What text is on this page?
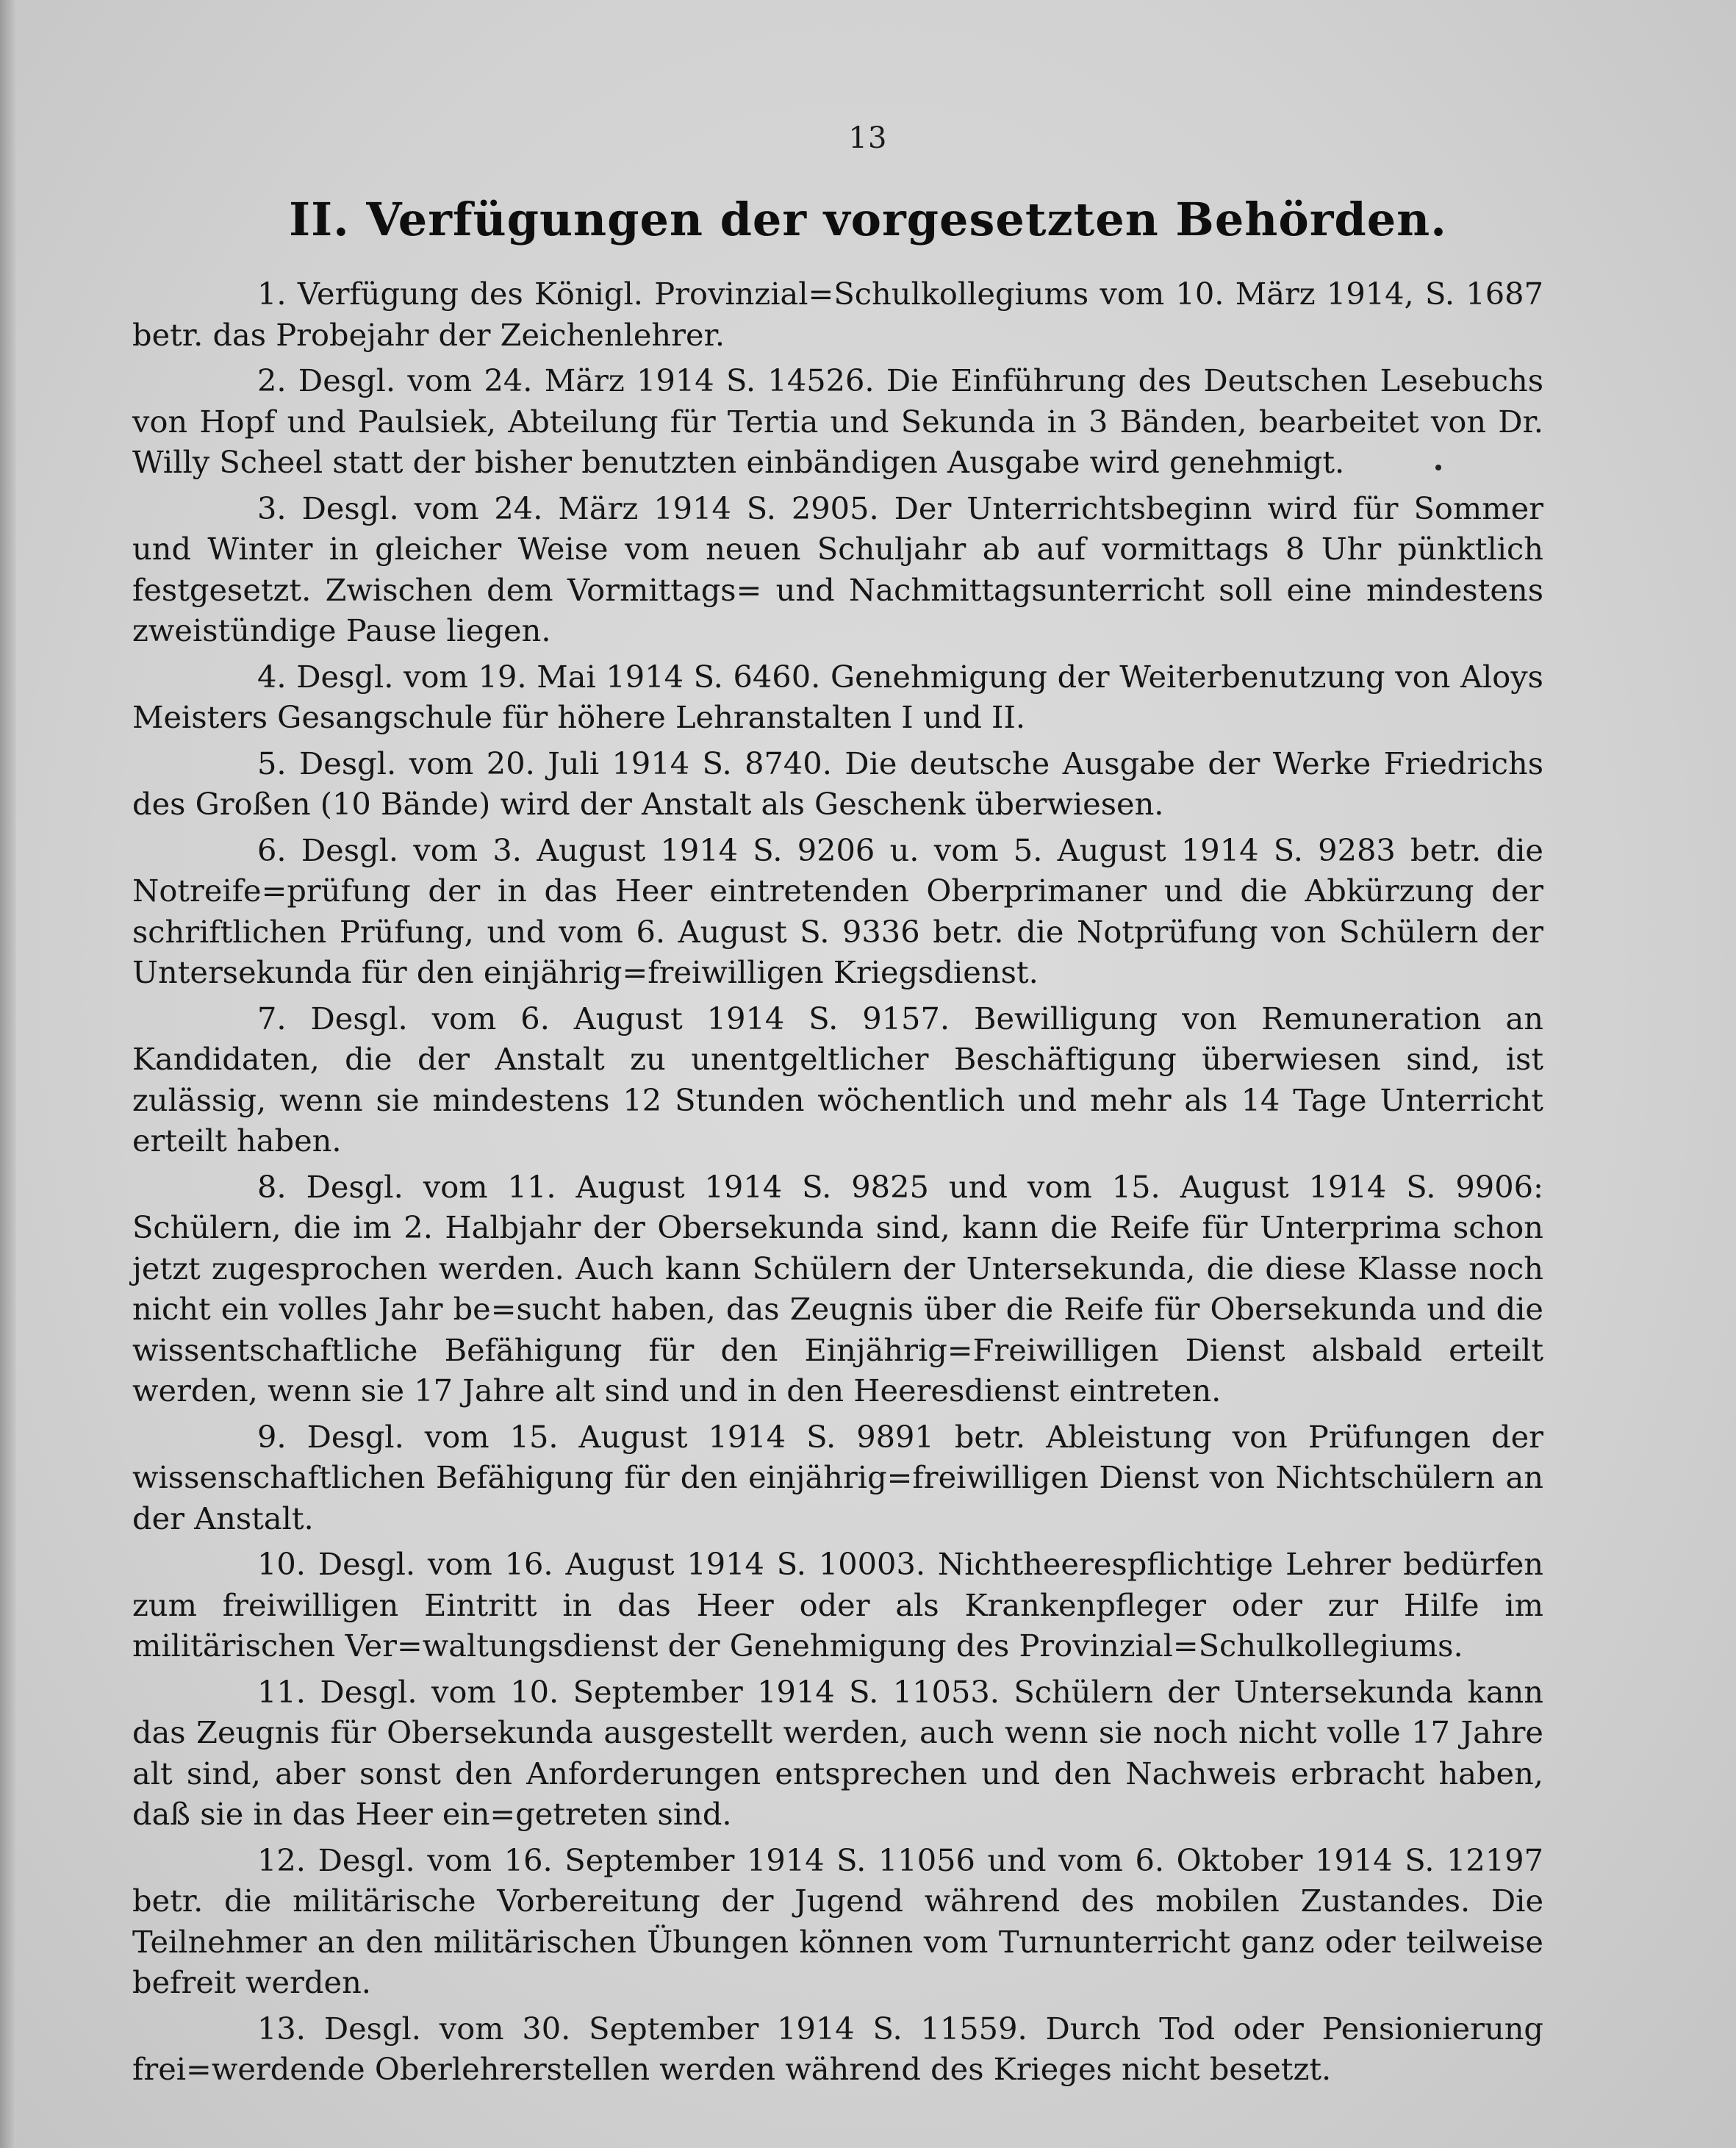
13
II. Verfügungen der vorgesetzten Behörden.

1. Verfügung des Königl. Provinzial=Schulkollegiums vom 10. März 1914, S. 1687 betr. das Probejahr der Zeichenlehrer.

2. Desgl. vom 24. März 1914 S. 14526. Die Einführung des Deutschen Lesebuchs von Hopf und Paulsiek, Abteilung für Tertia und Sekunda in 3 Bänden, bearbeitet von Dr. Willy Scheel statt der bisher benutzten einbändigen Ausgabe wird genehmigt.

3. Desgl. vom 24. März 1914 S. 2905. Der Unterrichtsbeginn wird für Sommer und Winter in gleicher Weise vom neuen Schuljahr ab auf vormittags 8 Uhr pünktlich festgesetzt. Zwischen dem Vormittags= und Nachmittagsunterricht soll eine mindestens zweistündige Pause liegen.

4. Desgl. vom 19. Mai 1914 S. 6460. Genehmigung der Weiterbenutzung von Aloys Meisters Gesangschule für höhere Lehranstalten I und II.

5. Desgl. vom 20. Juli 1914 S. 8740. Die deutsche Ausgabe der Werke Friedrichs des Großen (10 Bände) wird der Anstalt als Geschenk überwiesen.

6. Desgl. vom 3. August 1914 S. 9206 u. vom 5. August 1914 S. 9283 betr. die Notreife=prüfung der in das Heer eintretenden Oberprimaner und die Abkürzung der schriftlichen Prüfung, und vom 6. August S. 9336 betr. die Notprüfung von Schülern der Untersekunda für den einjährig=freiwilligen Kriegsdienst.

7. Desgl. vom 6. August 1914 S. 9157. Bewilligung von Remuneration an Kandidaten, die der Anstalt zu unentgeltlicher Beschäftigung überwiesen sind, ist zulässig, wenn sie mindestens 12 Stunden wöchentlich und mehr als 14 Tage Unterricht erteilt haben.

8. Desgl. vom 11. August 1914 S. 9825 und vom 15. August 1914 S. 9906: Schülern, die im 2. Halbjahr der Obersekunda sind, kann die Reife für Unterprima schon jetzt zugesprochen werden. Auch kann Schülern der Untersekunda, die diese Klasse noch nicht ein volles Jahr be=sucht haben, das Zeugnis über die Reife für Obersekunda und die wissentschaftliche Befähigung für den Einjährig=Freiwilligen Dienst alsbald erteilt werden, wenn sie 17 Jahre alt sind und in den Heeresdienst eintreten.

9. Desgl. vom 15. August 1914 S. 9891 betr. Ableistung von Prüfungen der wissenschaftlichen Befähigung für den einjährig=freiwilligen Dienst von Nichtschülern an der Anstalt.

10. Desgl. vom 16. August 1914 S. 10003. Nichtheerespflichtige Lehrer bedürfen zum freiwilligen Eintritt in das Heer oder als Krankenpfleger oder zur Hilfe im militärischen Ver=waltungsdienst der Genehmigung des Provinzial=Schulkollegiums.

11. Desgl. vom 10. September 1914 S. 11053. Schülern der Untersekunda kann das Zeugnis für Obersekunda ausgestellt werden, auch wenn sie noch nicht volle 17 Jahre alt sind, aber sonst den Anforderungen entsprechen und den Nachweis erbracht haben, daß sie in das Heer ein=getreten sind.

12. Desgl. vom 16. September 1914 S. 11056 und vom 6. Oktober 1914 S. 12197 betr. die militärische Vorbereitung der Jugend während des mobilen Zustandes. Die Teilnehmer an den militärischen Übungen können vom Turnunterricht ganz oder teilweise befreit werden.

13. Desgl. vom 30. September 1914 S. 11559. Durch Tod oder Pensionierung frei=werdende Oberlehrerstellen werden während des Krieges nicht besetzt.
